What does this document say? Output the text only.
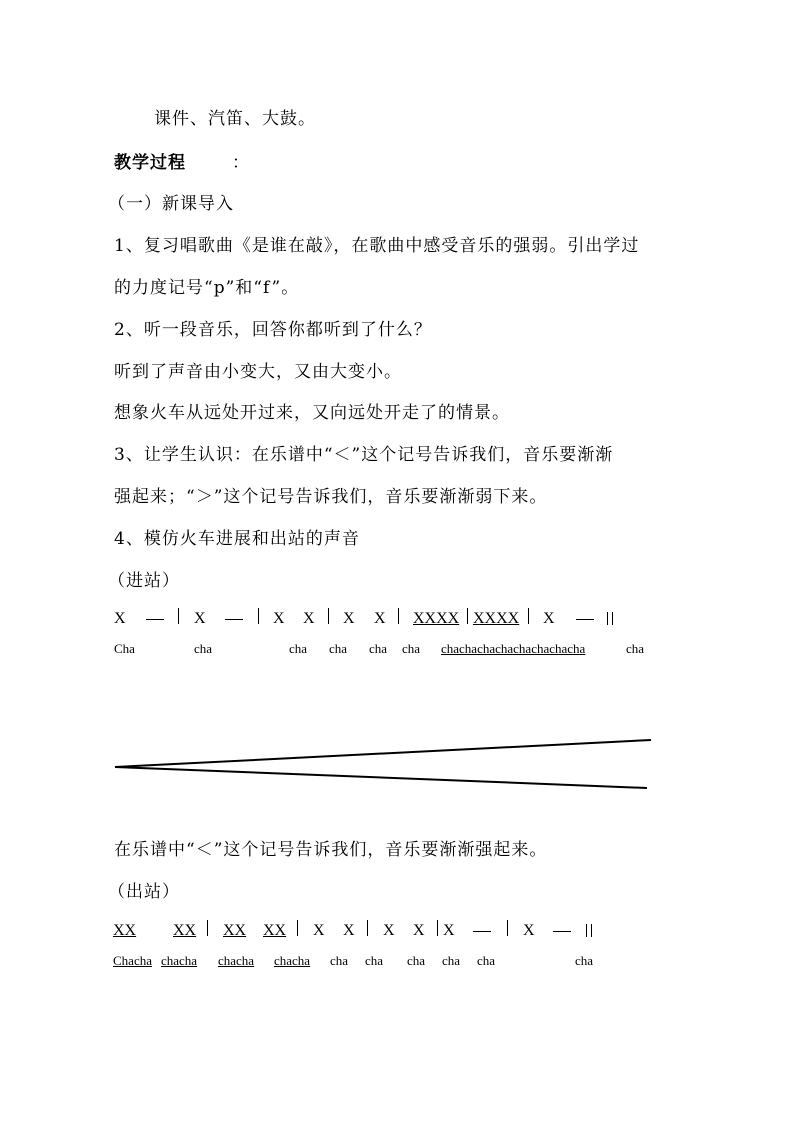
课件、汽笛、大鼓。
教学过程	：
（一）新课导入
1、复习唱歌曲《是谁在敲》，在歌曲中感受音乐的强弱。引出学过
的力度记号“p”和“f”。
2、听一段音乐，回答你都听到了什么？
听到了声音由小变大，又由大变小。
想象火车从远处开过来，又向远处开走了的情景。
3、让学生认识：在乐谱中“＜”这个记号告诉我们，音乐要渐渐
强起来；“＞”这个记号告诉我们，音乐要渐渐弱下来。
4、模仿火车进展和出站的声音
（进站）
X	X	X X X X XXXX XXXX X
Cha	cha	cha cha cha cha chachachachachachachacha	cha
在乐谱中“＜”这个记号告诉我们，音乐要渐渐强起来。
（出站）
XX XX XX XX X X X X X	X
Chacha chacha chacha chacha cha cha cha cha cha	cha
